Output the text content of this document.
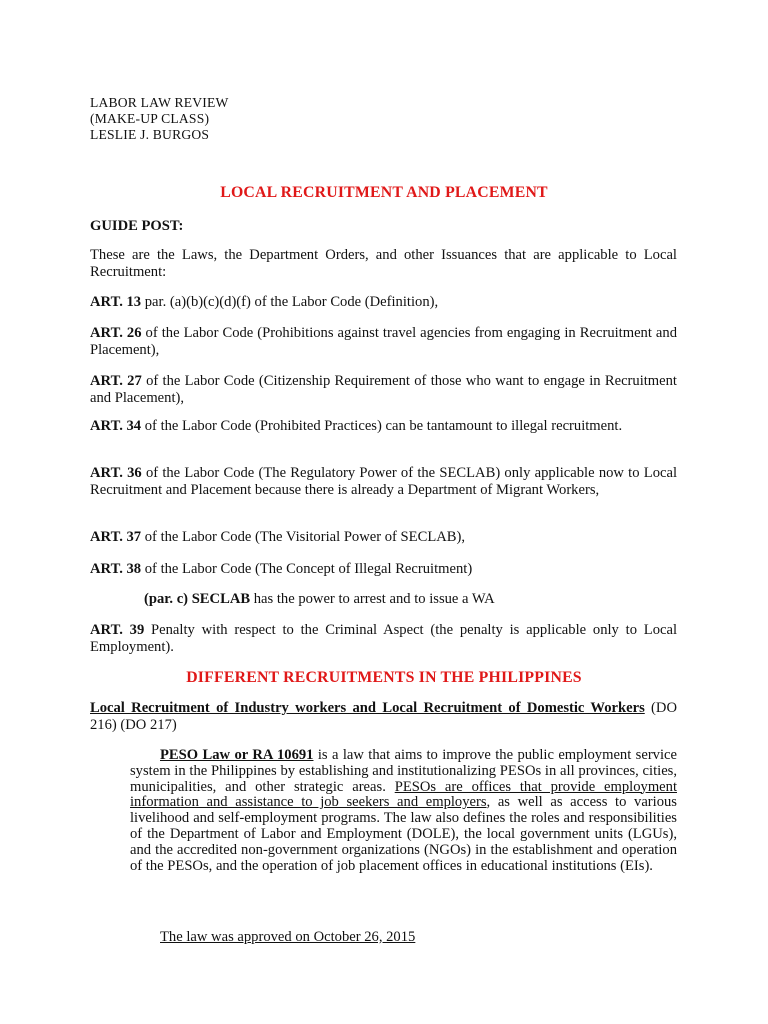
LABOR LAW REVIEW
(MAKE-UP CLASS)
LESLIE J. BURGOS
LOCAL RECRUITMENT AND PLACEMENT
GUIDE POST:
These are the Laws, the Department Orders, and other Issuances that are applicable to Local Recruitment:
ART. 13 par. (a)(b)(c)(d)(f) of the Labor Code (Definition),
ART. 26 of the Labor Code (Prohibitions against travel agencies from engaging in Recruitment and Placement),
ART. 27 of the Labor Code (Citizenship Requirement of those who want to engage in Recruitment and Placement),
ART. 34 of the Labor Code (Prohibited Practices) can be tantamount to illegal recruitment.
ART. 36 of the Labor Code (The Regulatory Power of the SECLAB) only applicable now to Local Recruitment and Placement because there is already a Department of Migrant Workers,
ART. 37 of the Labor Code (The Visitorial Power of SECLAB),
ART. 38 of the Labor Code (The Concept of Illegal Recruitment)
(par. c) SECLAB has the power to arrest and to issue a WA
ART. 39 Penalty with respect to the Criminal Aspect (the penalty is applicable only to Local Employment).
DIFFERENT RECRUITMENTS IN THE PHILIPPINES
Local Recruitment of Industry workers and Local Recruitment of Domestic Workers (DO 216) (DO 217)
PESO Law or RA 10691 is a law that aims to improve the public employment service system in the Philippines by establishing and institutionalizing PESOs in all provinces, cities, municipalities, and other strategic areas. PESOs are offices that provide employment information and assistance to job seekers and employers, as well as access to various livelihood and self-employment programs. The law also defines the roles and responsibilities of the Department of Labor and Employment (DOLE), the local government units (LGUs), and the accredited non-government organizations (NGOs) in the establishment and operation of the PESOs, and the operation of job placement offices in educational institutions (EIs).
The law was approved on October 26, 2015
